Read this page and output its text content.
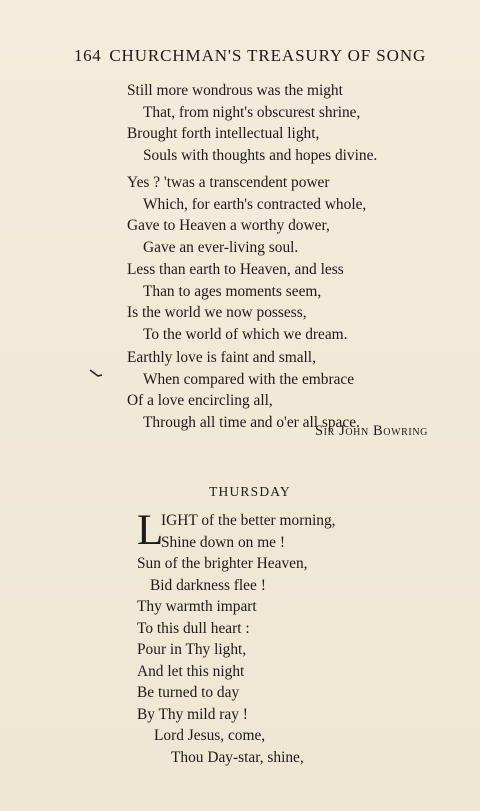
164 CHURCHMAN'S TREASURY OF SONG
Still more wondrous was the might
That, from night's obscurest shrine,
Brought forth intellectual light,
Souls with thoughts and hopes divine.
Yes ? 'twas a transcendent power
Which, for earth's contracted whole,
Gave to Heaven a worthy dower,
Gave an ever-living soul.
Less than earth to Heaven, and less
Than to ages moments seem,
Is the world we now possess,
To the world of which we dream.
Earthly love is faint and small,
When compared with the embrace
Of a love encircling all,
Through all time and o'er all space.
Sir John Bowring
THURSDAY
L
IGHT of the better morning,
Shine down on me !
Sun of the brighter Heaven,
Bid darkness flee !
Thy warmth impart
To this dull heart :
Pour in Thy light,
And let this night
Be turned to day
By Thy mild ray !
Lord Jesus, come,
Thou Day-star, shine,
